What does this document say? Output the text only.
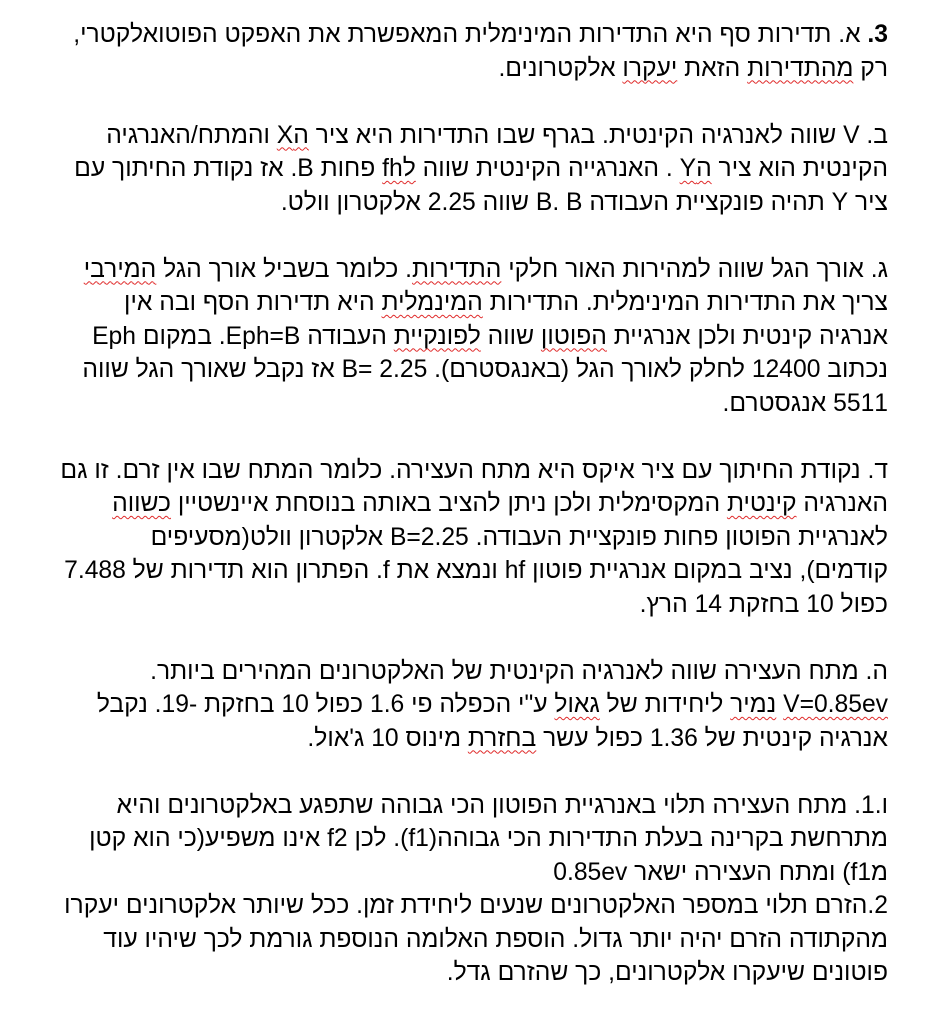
3. א. תדירות סף היא התדירות המינימלית המאפשרת את האפקט הפוטואלקטרי,
רק מהתדירות הזאת יעקרו אלקטרונים.
ב. V שווה לאנרגיה הקינטית. בגרף שבו התדירות היא ציר הX והמתח/האנרגיה
הקינטית הוא ציר הY . האנרגייה הקינטית שווה לfh פחות B. אז נקודת החיתוך עם
ציר Y תהיה פונקציית העבודה B. B שווה 2.25 אלקטרון וולט.
ג. אורך הגל שווה למהירות האור חלקי התדירות. כלומר בשביל אורך הגל המירבי
צריך את התדירות המינימלית. התדירות המינמלית היא תדירות הסף ובה אין
אנרגיה קינטית ולכן אנרגיית הפוטון שווה לפונקיית העבודה Eph=B. במקום Eph
נכתוב 12400 לחלק לאורך הגל (באנגסטרם). B= 2.25 אז נקבל שאורך הגל שווה
5511 אנגסטרם.
ד. נקודת החיתוך עם ציר איקס היא מתח העצירה. כלומר המתח שבו אין זרם. זו גם
האנרגיה קינטית המקסימלית ולכן ניתן להציב באותה בנוסחת איינשטיין כשווה
לאנרגיית הפוטון פחות פונקציית העבודה. B=2.25 אלקטרון וולט(מסעיפים
קודמים), נציב במקום אנרגיית פוטון hf ונמצא את f. הפתרון הוא תדירות של 7.488
כפול 10 בחזקת 14 הרץ.
ה. מתח העצירה שווה לאנרגיה הקינטית של האלקטרונים המהירים ביותר.
V=0.85ev נמיר ליחידות של גאול ע"י הכפלה פי 1.6 כפול 10 בחזקת -19. נקבל
אנרגיה קינטית של 1.36 כפול עשר בחזרת מינוס 10 ג'אול.
ו.1. מתח העצירה תלוי באנרגיית הפוטון הכי גבוהה שתפגע באלקטרונים והיא
מתרחשת בקרינה בעלת התדירות הכי גבוהה(f1). לכן f2 אינו משפיע(כי הוא קטן
מf1) ומתח העצירה ישאר 0.85ev
2.הזרם תלוי במספר האלקטרונים שנעים ליחידת זמן. ככל שיותר אלקטרונים יעקרו
מהקתודה הזרם יהיה יותר גדול. הוספת האלומה הנוספת גורמת לכך שיהיו עוד
פוטונים שיעקרו אלקטרונים, כך שהזרם גדל.
